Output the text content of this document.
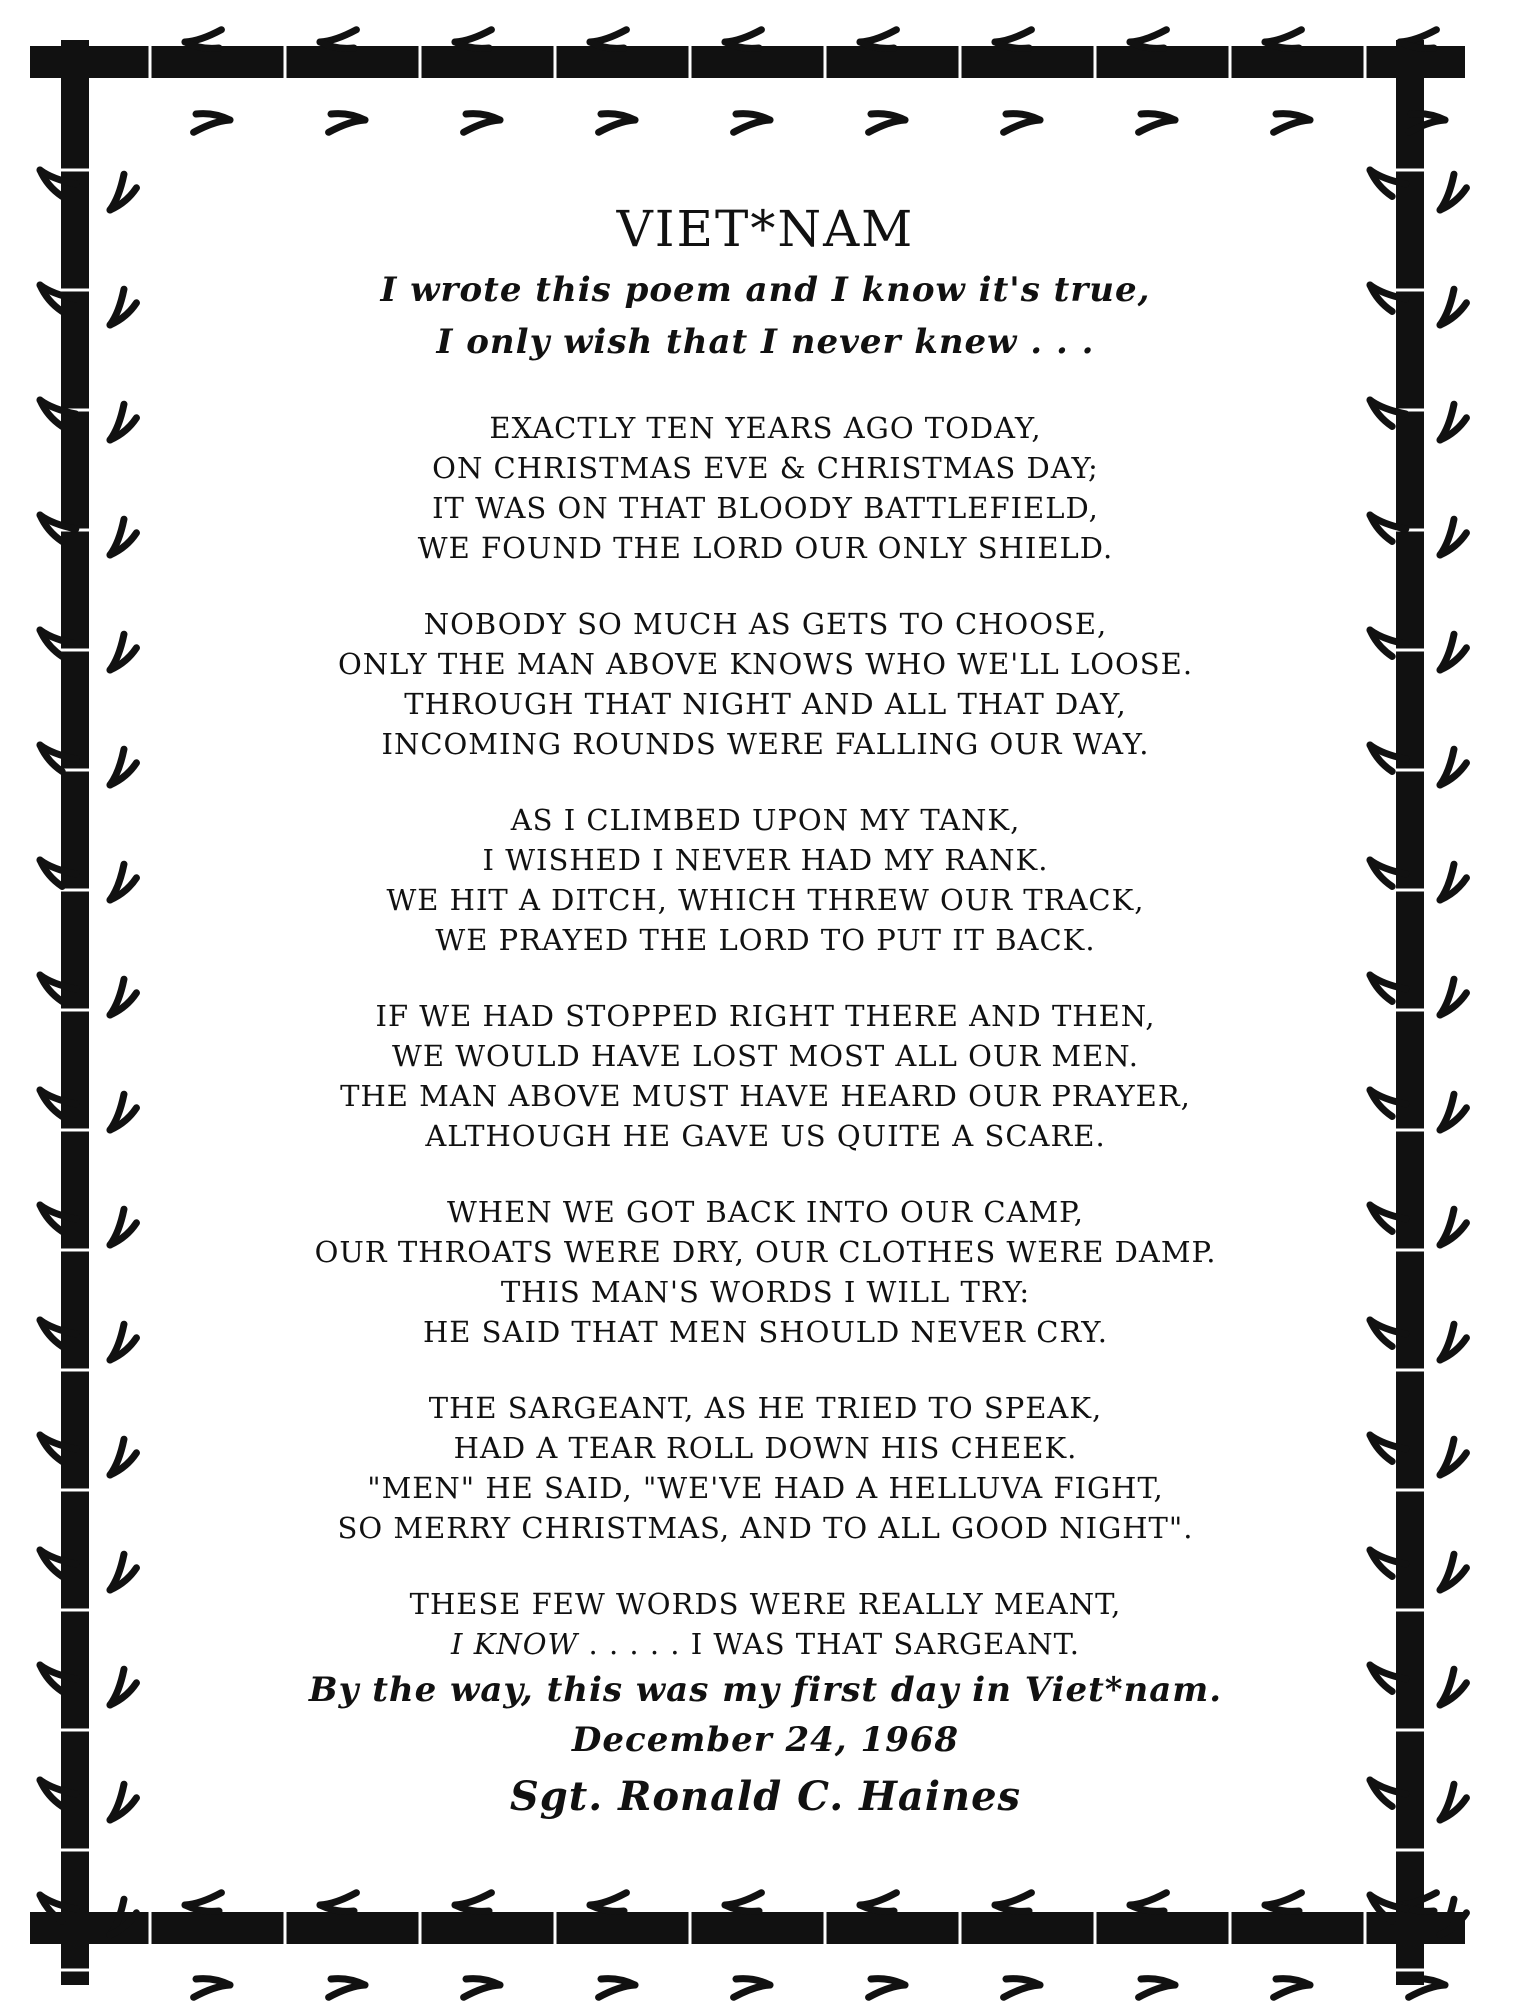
VIET*NAM
I wrote this poem and I know it's true,
I only wish that I never knew . . .
EXACTLY TEN YEARS AGO TODAY,
ON CHRISTMAS EVE & CHRISTMAS DAY;
IT WAS ON THAT BLOODY BATTLEFIELD,
WE FOUND THE LORD OUR ONLY SHIELD.
NOBODY SO MUCH AS GETS TO CHOOSE,
ONLY THE MAN ABOVE KNOWS WHO WE'LL LOOSE.
THROUGH THAT NIGHT AND ALL THAT DAY,
INCOMING ROUNDS WERE FALLING OUR WAY.
AS I CLIMBED UPON MY TANK,
I WISHED I NEVER HAD MY RANK.
WE HIT A DITCH, WHICH THREW OUR TRACK,
WE PRAYED THE LORD TO PUT IT BACK.
IF WE HAD STOPPED RIGHT THERE AND THEN,
WE WOULD HAVE LOST MOST ALL OUR MEN.
THE MAN ABOVE MUST HAVE HEARD OUR PRAYER,
ALTHOUGH HE GAVE US QUITE A SCARE.
WHEN WE GOT BACK INTO OUR CAMP,
OUR THROATS WERE DRY, OUR CLOTHES WERE DAMP.
THIS MAN'S WORDS I WILL TRY:
HE SAID THAT MEN SHOULD NEVER CRY.
THE SARGEANT, AS HE TRIED TO SPEAK,
HAD A TEAR ROLL DOWN HIS CHEEK.
"MEN" HE SAID, "WE'VE HAD A HELLUVA FIGHT,
SO MERRY CHRISTMAS, AND TO ALL GOOD NIGHT".
THESE FEW WORDS WERE REALLY MEANT,
I KNOW . . . . . I WAS THAT SARGEANT.
By the way, this was my first day in Viet*nam.
December 24, 1968
Sgt. Ronald C. Haines
